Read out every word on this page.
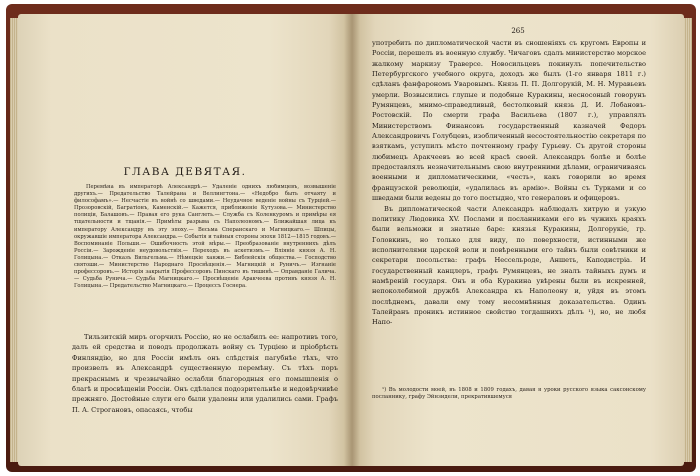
ГЛАВА ДЕВЯТАЯ.
Перемѣна въ императорѣ Александрѣ.— Удаленіе однихъ любимцевъ, возвышеніе другихъ.— Предательство Талейрана и Веллингтона.— «Недобро быть отчаяту и философамъ».— Несчастіе въ войнѣ со шведами.— Неудачное веденіе войны съ Турціей.— Прозоровскій, Багратіонъ, Каменскій.— Кажется, приближеніе Кутузова.— Министерство полиціи, Балашовъ.— Правая его рука Санглеть.— Служба съ Коленкуромъ и примѣры ея тщательности и тщанія.— Примѣты разрыва съ Наполеономъ.— Ближайшая лица къ императору Александру въ эту эпоху.— Весьма Сперанскаго и Магницкаго.— Шпицы, окружавшіе императора Александра.— Событія и тайныя стороны эпохи 1812—1815 годовъ.— Воспоминаніе Польши.— Ошибочность этой мѣры.— Преобразованіе внутреннихъ дѣлъ Россіи.— Зарожденіе неудовольствія.— Переходъ въ аскетизмъ.— Вліяніе князя А. Н. Голицына.— Отказъ Вильгельма.— Нѣмецкіе ханжи.— Библейскія общества.— Господство святоши.— Министерство Народнаго Просвѣщенія.— Магницкій и Руничъ.— Изгнаніе профессоровъ.— Исторія закрытія Профессоровъ Пинскаго въ тишинѣ.— Оправданіе Галича.— Судьба Рунича.— Судьба Магницкаго.— Просвѣщеніе Аракчеева противъ князя А. Н. Голицына.— Предательство Магницкаго.— Процессъ Госнера.
Тильзитскій миръ огорчилъ Россію, но не ослабилъ ее: напротивъ того, далъ ей средства и поводъ продолжать войну съ Турціею и пріобрѣсть Финляндію, но для Россіи имѣлъ онъ слѣдствія пагубнѣе тѣхъ, что произвелъ въ Александрѣ существенную перемѣну. Съ тѣхъ поръ прекраснымъ и чрезвычайно ослабли благородныя его помышленія о благѣ и просвѣщеніи Россіи. Онъ сдѣлался подозрительнѣе и недовѣрчивѣе прежняго. Достойные слуги его были удалены или удалились сами. Графъ П. А. Строгановъ, опасаясь, чтобы
265

употребить по дипломатической части въ сношеніяхъ съ кругомъ Европы и Россіи, перешелъ въ военную службу. Чичаговъ сдалъ министерство морское жалкому маркизу Траверсе. Новосильцевъ покинулъ попечительство Петербургского учебного округа, доходъ же былъ (1-го января 1811 г.) сдѣланъ фанфарономъ Уваровымъ. Князь П. П. Долгорукій, М. Н. Муравьевъ умерли. Возвысились глупые и подобные Куракины, несносоный говорунъ Румянцевъ, мнимо-справедливый, бестолковый князь Д. И. Лобановъ-Ростовскій. По смерти графа Васильева (1807 г.), управлялъ Министерствомъ Финансовъ государственный казначей Федоръ Александровичъ Голубцевъ, изобличенный несостоятельностію секретаря по взяткамъ, уступилъ мѣсто почтенному графу Гурьеву. Съ другой стороны любимецъ Аракчеевъ во всей красѣ своей. Александръ болѣе и болѣе предоставлялъ незначительнымъ свою внутренними дѣлами, ограничиваясь военными и дипломатическими, «честь», какъ говорили во время французской революціи, «удалилась въ армію». Войны съ Турками и со шведами были ведены до того постыдно, что генераловъ и офицеровъ.

Въ дипломатической части Александръ наблюдалъ хитрую и узкую политику Людовика XV. Послами и посланниками его въ чужихъ краяхъ были вельможи и знатные баре: князья Куракины, Долгорукіе, гр. Головкинъ, но только для виду, по поверхности, истинными же исполнителями царской воли и повѣренными его тайнъ были совѣтники и секретари посольства: графъ Нессельроде, Аншеть, Каподистріа. И государственный канцлеръ, графъ Румянцевъ, не зналъ тайныхъ думъ и намѣреній государя. Онъ и оба Куракина увѣрены были въ искренней, непоколебимой дружбѣ Александра къ Наполеону и, уйдя въ этомъ послѣднемъ, давали ему тому несомнѣнныя доказательства. Одинъ Талейранъ проникъ истинное свойство тогдашнихъ дѣлъ ¹), но, не любя Напо-

¹) Въ молодости моей, въ 1808 и 1809 годахъ, давая я уроки русского языка саксонскому посланнику, графу Эйнзидели, прекратившемуся
